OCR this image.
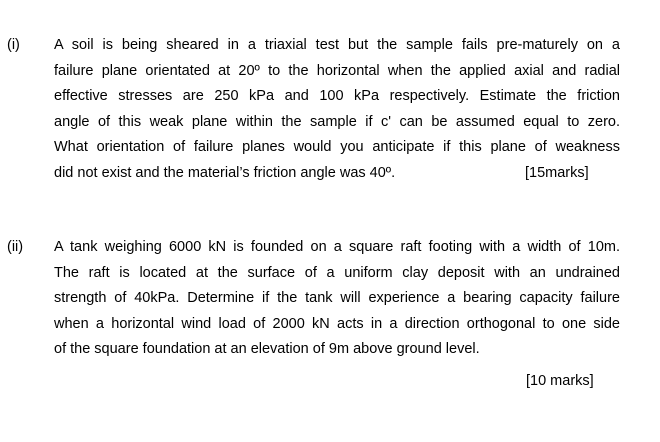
(i) A soil is being sheared in a triaxial test but the sample fails pre-maturely on a
failure plane orientated at 20º to the horizontal when the applied axial and radial
effective stresses are 250 kPa and 100 kPa respectively. Estimate the friction
angle of this weak plane within the sample if c' can be assumed equal to zero.
What orientation of failure planes would you anticipate if this plane of weakness
did not exist and the material’s friction angle was 40º.	[15marks]
(ii) A tank weighing 6000 kN is founded on a square raft footing with a width of 10m.
The raft is located at the surface of a uniform clay deposit with an undrained
strength of 40kPa. Determine if the tank will experience a bearing capacity failure
when a horizontal wind load of 2000 kN acts in a direction orthogonal to one side
of the square foundation at an elevation of 9m above ground level.
[10 marks]
